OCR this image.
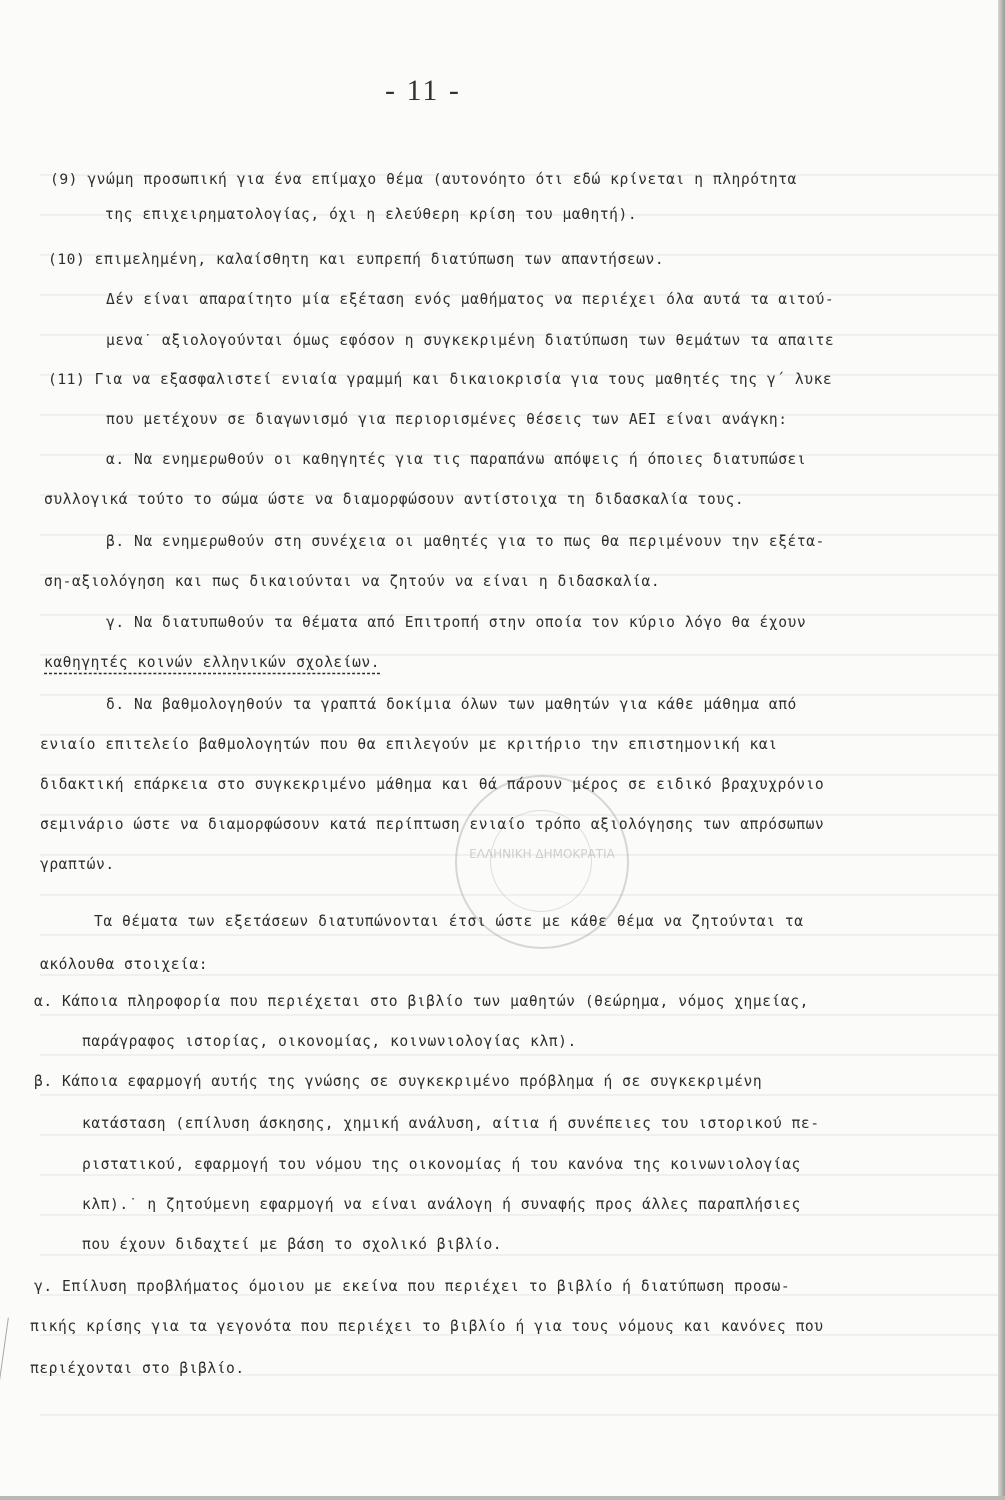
ΕΛΛΗΝΙΚΗ ΔΗΜΟΚΡΑΤΙΑ
- 11 -
(9) γνώμη προσωπική για ένα επίμαχο θέμα (αυτονόητο ότι εδώ κρίνεται η πληρότητα
της επιχειρηματολογίας, όχι η ελεύθερη κρίση του μαθητή).
(10) επιμελημένη, καλαίσθητη και ευπρεπή διατύπωση των απαντήσεων.
Δέν είναι απαραίτητο μία εξέταση ενός μαθήματος να περιέχει όλα αυτά τα αιτού-
μενα˙ αξιολογούνται όμως εφόσον η συγκεκριμένη διατύπωση των θεμάτων τα απαιτε
(11) Για να εξασφαλιστεί ενιαία γραμμή και δικαιοκρισία για τους μαθητές της γ΄ λυκε
που μετέχουν σε διαγωνισμό για περιορισμένες θέσεις των ΑΕΙ είναι ανάγκη:
α. Να ενημερωθούν οι καθηγητές για τις παραπάνω απόψεις ή όποιες διατυπώσει
συλλογικά τούτο το σώμα ώστε να διαμορφώσουν αντίστοιχα τη διδασκαλία τους.
β. Να ενημερωθούν στη συνέχεια οι μαθητές για το πως θα περιμένουν την εξέτα-
ση-αξιολόγηση και πως δικαιούνται να ζητούν να είναι η διδασκαλία.
γ. Να διατυπωθούν τα θέματα από Επιτροπή στην οποία τον κύριο λόγο θα έχουν
καθηγητές κοινών ελληνικών σχολείων.
δ. Να βαθμολογηθούν τα γραπτά δοκίμια όλων των μαθητών για κάθε μάθημα από
ενιαίο επιτελείο βαθμολογητών που θα επιλεγούν με κριτήριο την επιστημονική και
διδακτική επάρκεια στο συγκεκριμένο μάθημα και θά πάρουν μέρος σε ειδικό βραχυχρόνιο
σεμινάριο ώστε να διαμορφώσουν κατά περίπτωση ενιαίο τρόπο αξιολόγησης των απρόσωπων
γραπτών.
Τα θέματα των εξετάσεων διατυπώνονται έτσι ώστε με κάθε θέμα να ζητούνται τα
ακόλουθα στοιχεία:
α. Κάποια πληροφορία που περιέχεται στο βιβλίο των μαθητών (θεώρημα, νόμος χημείας,
παράγραφος ιστορίας, οικονομίας, κοινωνιολογίας κλπ).
β. Κάποια εφαρμογή αυτής της γνώσης σε συγκεκριμένο πρόβλημα ή σε συγκεκριμένη
κατάσταση (επίλυση άσκησης, χημική ανάλυση, αίτια ή συνέπειες του ιστορικού πε-
ριστατικού, εφαρμογή του νόμου της οικονομίας ή του κανόνα της κοινωνιολογίας
κλπ).˙ η ζητούμενη εφαρμογή να είναι ανάλογη ή συναφής προς άλλες παραπλήσιες
που έχουν διδαχτεί με βάση το σχολικό βιβλίο.
γ. Επίλυση προβλήματος όμοιου με εκείνα που περιέχει το βιβλίο ή διατύπωση προσω-
πικής κρίσης για τα γεγονότα που περιέχει το βιβλίο ή για τους νόμους και κανόνες που
περιέχονται στο βιβλίο.
